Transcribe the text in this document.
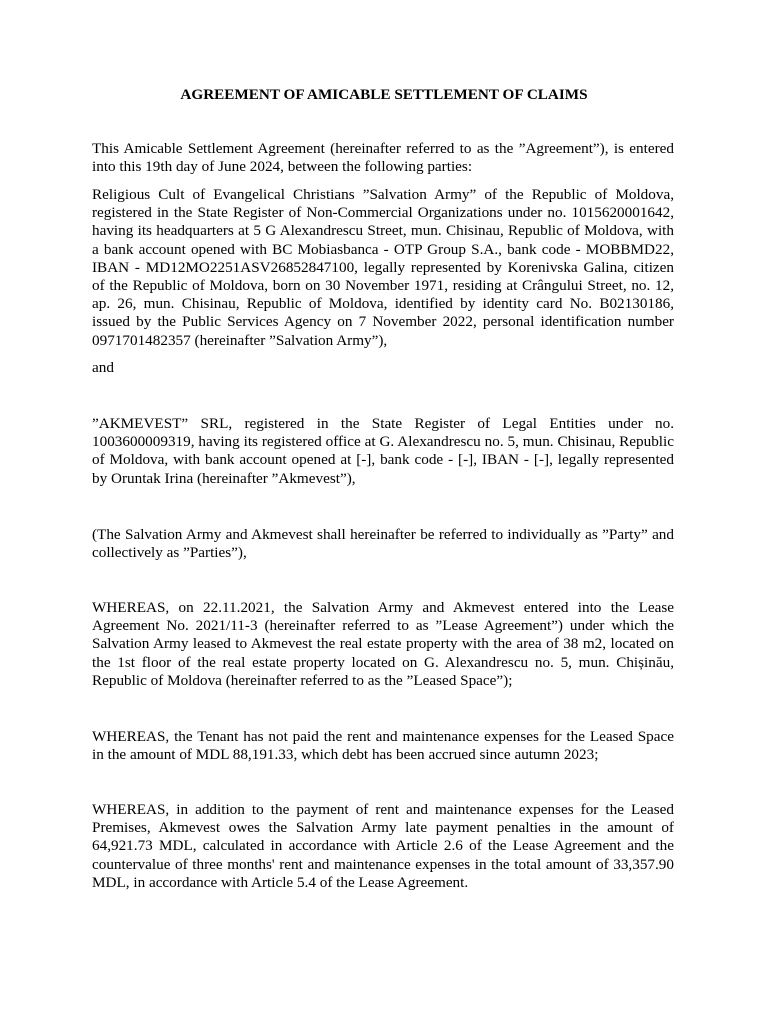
AGREEMENT OF AMICABLE SETTLEMENT OF CLAIMS

This Amicable Settlement Agreement (hereinafter referred to as the ”Agreement”), is entered into this 19th day of June 2024, between the following parties:

Religious Cult of Evangelical Christians ”Salvation Army” of the Republic of Moldova, registered in the State Register of Non-Commercial Organizations under no. 1015620001642, having its headquarters at 5 G Alexandrescu Street, mun. Chisinau, Republic of Moldova, with a bank account opened with BC Mobiasbanca - OTP Group S.A., bank code - MOBBMD22, IBAN - MD12MO2251ASV26852847100, legally represented by Korenivska Galina, citizen of the Republic of Moldova, born on 30 November 1971, residing at Crângului Street, no. 12, ap. 26, mun. Chisinau, Republic of Moldova, identified by identity card No. B02130186, issued by the Public Services Agency on 7 November 2022, personal identification number 0971701482357 (hereinafter ”Salvation Army”),

and

”AKMEVEST” SRL, registered in the State Register of Legal Entities under no. 1003600009319, having its registered office at G. Alexandrescu no. 5, mun. Chisinau, Republic of Moldova, with bank account opened at [-], bank code - [-], IBAN - [-], legally represented by Oruntak Irina (hereinafter ”Akmevest”),

(The Salvation Army and Akmevest shall hereinafter be referred to individually as ”Party” and collectively as ”Parties”),

WHEREAS, on 22.11.2021, the Salvation Army and Akmevest entered into the Lease Agreement No. 2021/11-3 (hereinafter referred to as ”Lease Agreement”) under which the Salvation Army leased to Akmevest the real estate property with the area of 38 m2, located on the 1st floor of the real estate property located on G. Alexandrescu no. 5, mun. Chișinău, Republic of Moldova (hereinafter referred to as the ”Leased Space”);

WHEREAS, the Tenant has not paid the rent and maintenance expenses for the Leased Space in the amount of MDL 88,191.33, which debt has been accrued since autumn 2023;

WHEREAS, in addition to the payment of rent and maintenance expenses for the Leased Premises, Akmevest owes the Salvation Army late payment penalties in the amount of 64,921.73 MDL, calculated in accordance with Article 2.6 of the Lease Agreement and the countervalue of three months' rent and maintenance expenses in the total amount of 33,357.90 MDL, in accordance with Article 5.4 of the Lease Agreement.
